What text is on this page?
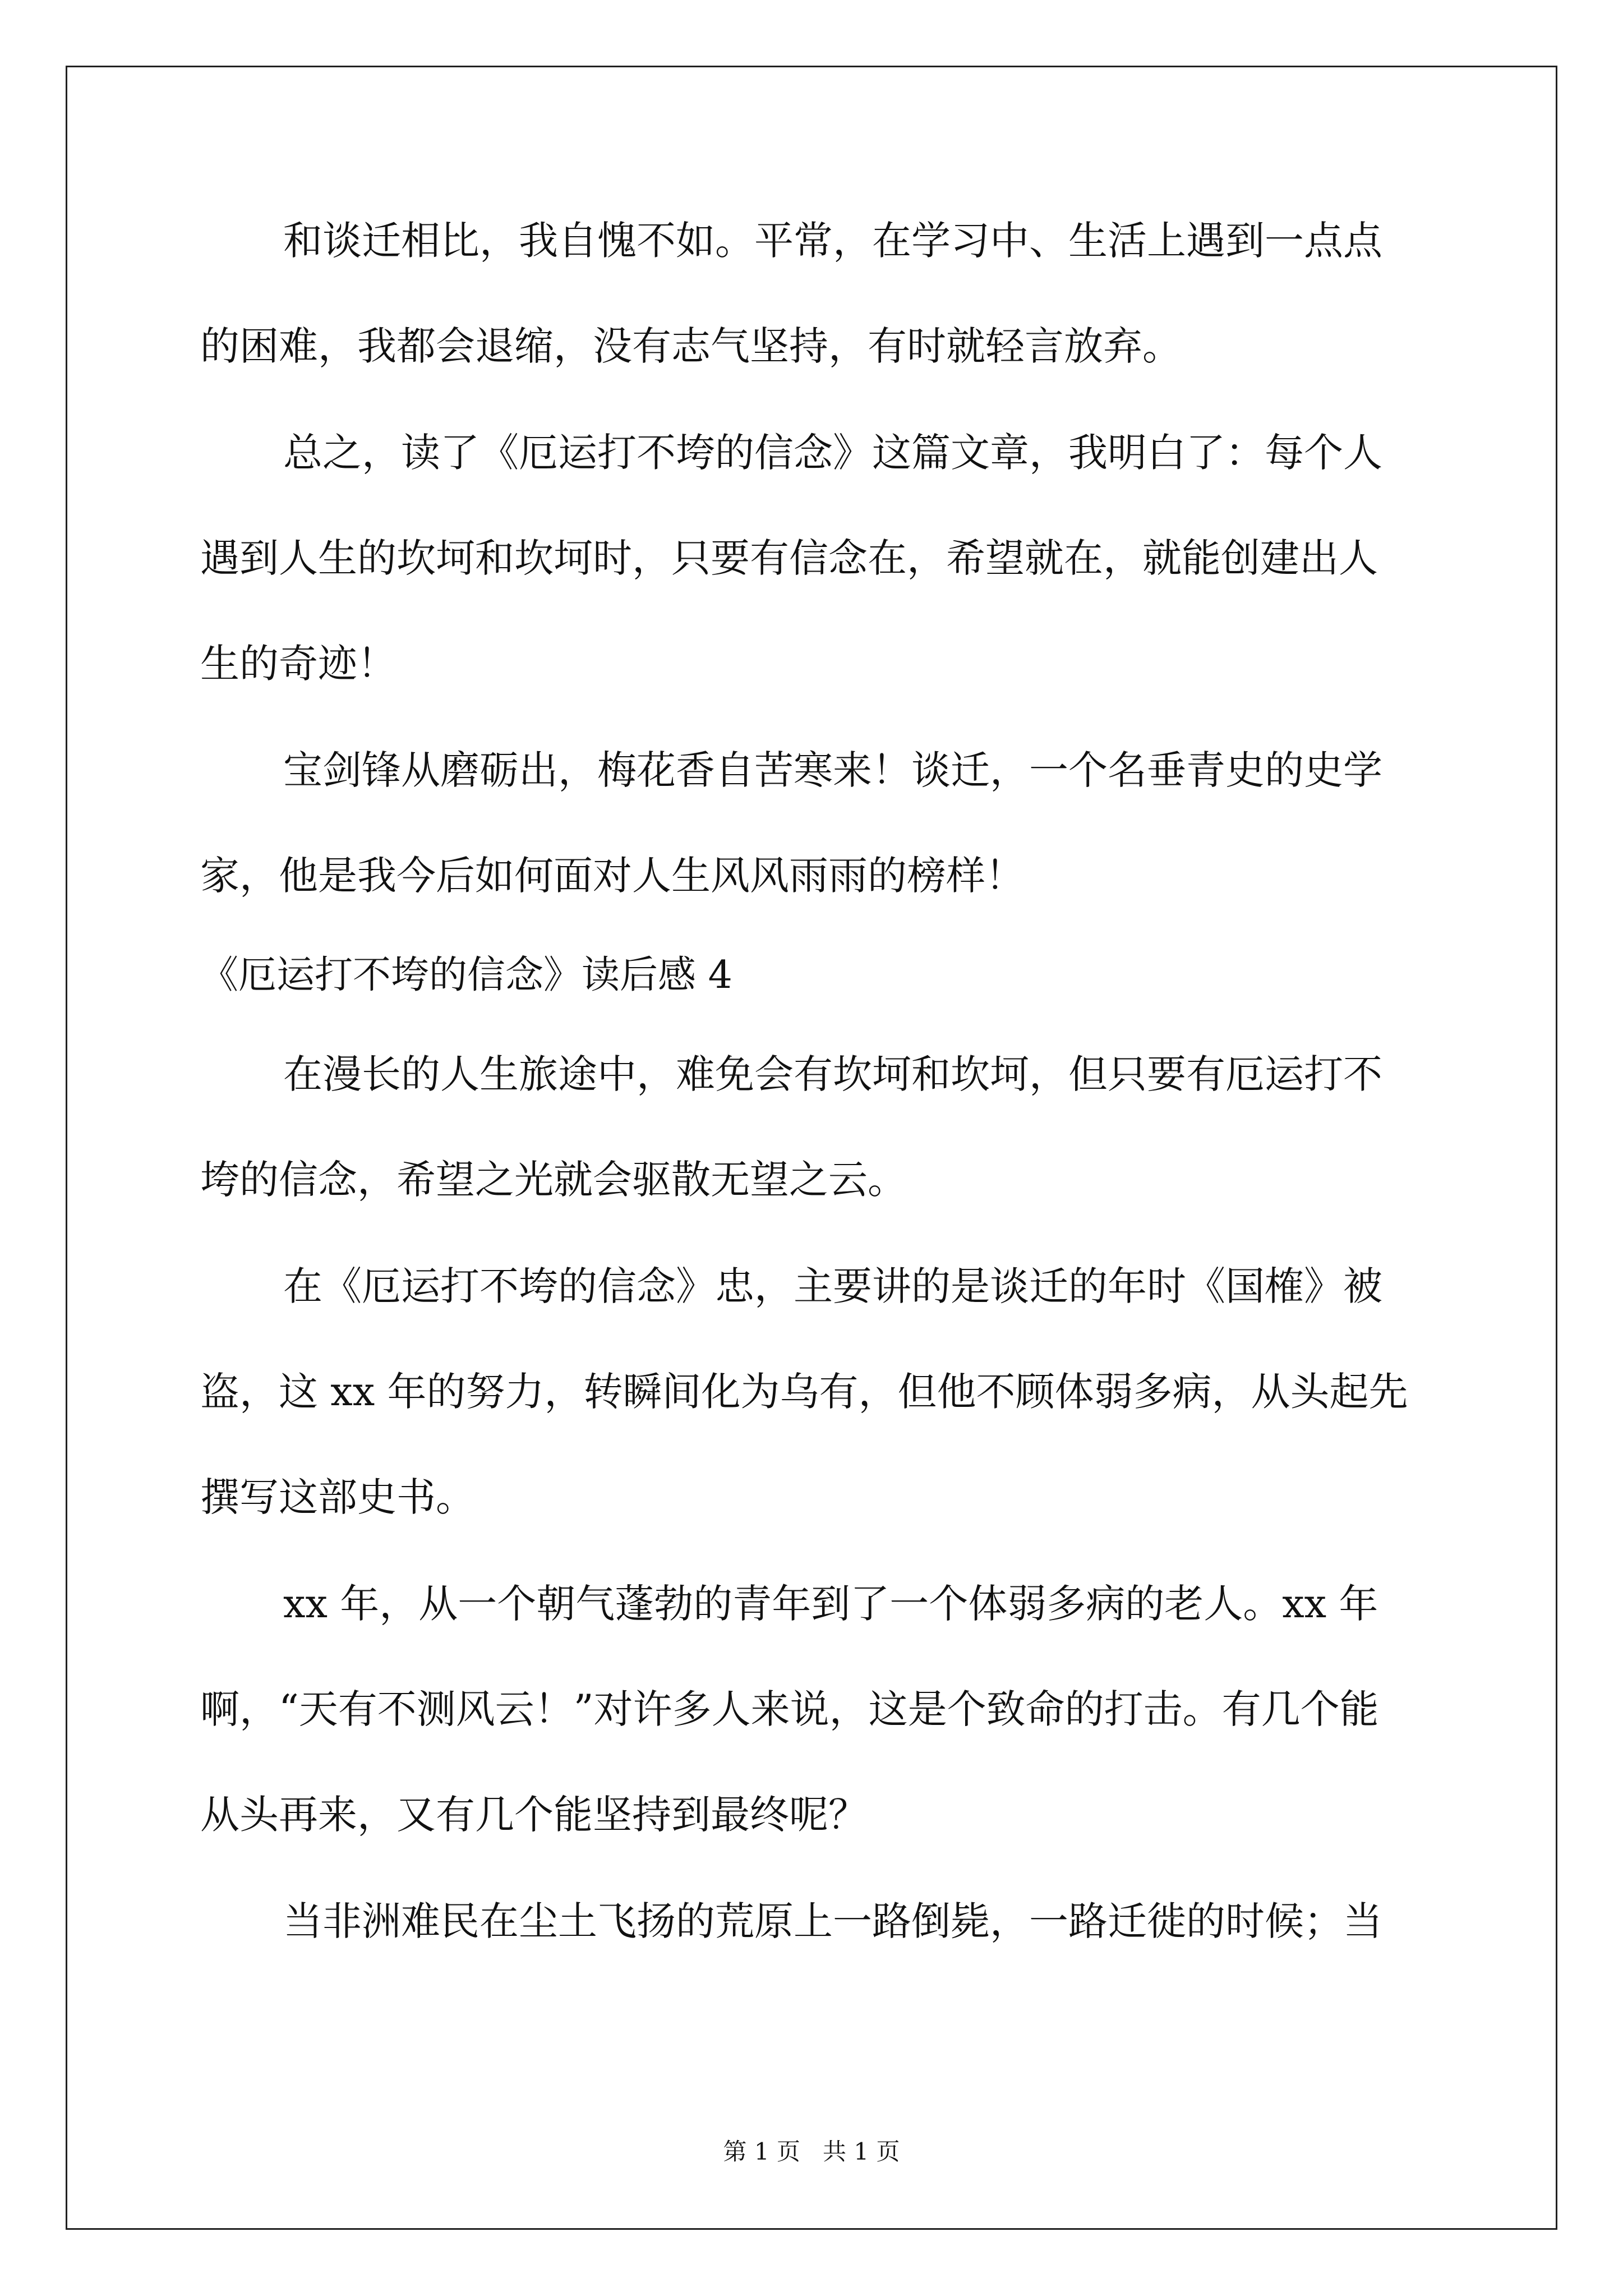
和谈迁相比，我自愧不如。平常，在学习中、生活上遇到一点点
的困难，我都会退缩，没有志气坚持，有时就轻言放弃。
总之，读了《厄运打不垮的信念》这篇文章，我明白了：每个人
遇到人生的坎坷和坎坷时，只要有信念在，希望就在，就能创建出人
生的奇迹！
宝剑锋从磨砺出，梅花香自苦寒来！谈迁，一个名垂青史的史学
家，他是我今后如何面对人生风风雨雨的榜样！
《厄运打不垮的信念》读后感 4
在漫长的人生旅途中，难免会有坎坷和坎坷，但只要有厄运打不
垮的信念，希望之光就会驱散无望之云。
在《厄运打不垮的信念》忠，主要讲的是谈迁的年时《国榷》被
盗，这 xx 年的努力，转瞬间化为乌有，但他不顾体弱多病，从头起先
撰写这部史书。
xx 年，从一个朝气蓬勃的青年到了一个体弱多病的老人。xx 年
啊，“天有不测风云！”对许多人来说，这是个致命的打击。有几个能
从头再来，又有几个能坚持到最终呢？
当非洲难民在尘土飞扬的荒原上一路倒毙，一路迁徙的时候；当
第 1 页   共 1 页
